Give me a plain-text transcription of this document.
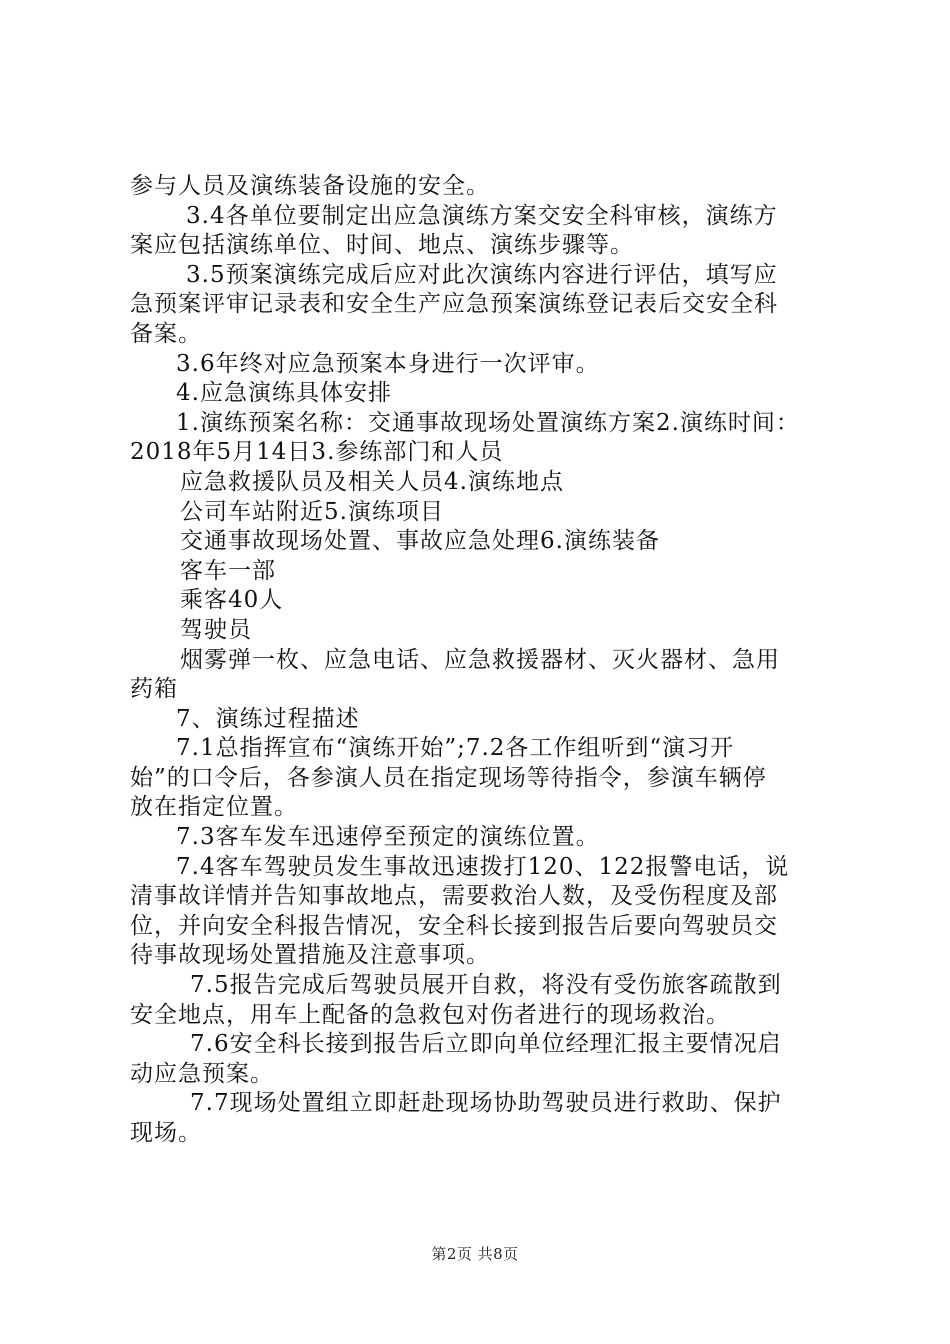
参与人员及演练装备设施的安全。

3.4各单位要制定出应急演练方案交安全科审核，演练方

案应包括演练单位、时间、地点、演练步骤等。

3.5预案演练完成后应对此次演练内容进行评估，填写应

急预案评审记录表和安全生产应急预案演练登记表后交安全科

备案。

3.6年终对应急预案本身进行一次评审。

4.应急演练具体安排

1.演练预案名称：交通事故现场处置演练方案2.演练时间：

2018年5月14日3.参练部门和人员

应急救援队员及相关人员4.演练地点

公司车站附近5.演练项目

交通事故现场处置、事故应急处理6.演练装备

客车一部

乘客40人

驾驶员

烟雾弹一枚、应急电话、应急救援器材、灭火器材、急用

药箱

7、演练过程描述

7.1总指挥宣布“演练开始”;7.2各工作组听到“演习开

始”的口令后，各参演人员在指定现场等待指令，参演车辆停

放在指定位置。

7.3客车发车迅速停至预定的演练位置。

7.4客车驾驶员发生事故迅速拨打120、122报警电话，说

清事故详情并告知事故地点，需要救治人数，及受伤程度及部

位，并向安全科报告情况，安全科长接到报告后要向驾驶员交

待事故现场处置措施及注意事项。

7.5报告完成后驾驶员展开自救，将没有受伤旅客疏散到

安全地点，用车上配备的急救包对伤者进行的现场救治。

7.6安全科长接到报告后立即向单位经理汇报主要情况启

动应急预案。

7.7现场处置组立即赶赴现场协助驾驶员进行救助、保护

现场。

第2页 共8页
